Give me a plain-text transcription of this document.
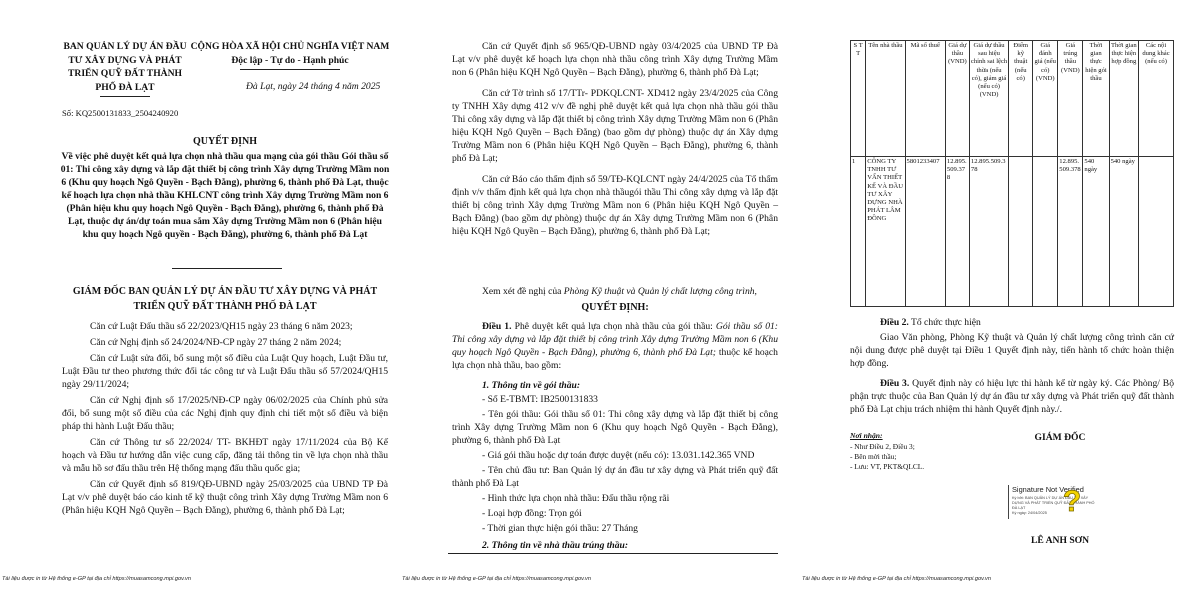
BAN QUẢN LÝ DỰ ÁN ĐẦU TƯ XÂY DỰNG VÀ PHÁT TRIỂN QUỸ ĐẤT THÀNH PHỐ ĐÀ LẠT
CỘNG HÒA XÃ HỘI CHỦ NGHĨA VIỆT NAM
Độc lập - Tự do - Hạnh phúc
Đà Lạt, ngày 24 tháng 4 năm 2025
Số: KQ2500131833_2504240920
QUYẾT ĐỊNH
Về việc phê duyệt kết quả lựa chọn nhà thầu qua mạng của gói thầu Gói thầu số 01: Thi công xây dựng và lắp đặt thiết bị công trình Xây dựng Trường Mầm non 6 (Khu quy hoạch Ngô Quyền - Bạch Đằng), phường 6, thành phố Đà Lạt, thuộc kế hoạch lựa chọn nhà thầu KHLCNT công trình Xây dựng Trường Mầm non 6 (Phân hiệu khu quy hoạch Ngô Quyền - Bạch Đằng), phường 6, thành phố Đà Lạt, thuộc dự án/dự toán mua sắm Xây dựng Trường Mầm non 6 (Phân hiệu khu quy hoạch Ngô quyền - Bạch Đằng), phường 6, thành phố Đà Lạt
GIÁM ĐỐC BAN QUẢN LÝ DỰ ÁN ĐẦU TƯ XÂY DỰNG VÀ PHÁT TRIỂN QUỸ ĐẤT THÀNH PHỐ ĐÀ LẠT
Căn cứ Luật Đấu thầu số 22/2023/QH15 ngày 23 tháng 6 năm 2023;
Căn cứ Nghị định số 24/2024/NĐ-CP ngày 27 tháng 2 năm 2024;
Căn cứ Luật sửa đổi, bổ sung một số điều của Luật Quy hoạch, Luật Đầu tư, Luật Đầu tư theo phương thức đối tác công tư và Luật Đấu thầu số 57/2024/QH15 ngày 29/11/2024;
Căn cứ Nghị định số 17/2025/NĐ-CP ngày 06/02/2025 của Chính phủ sửa đổi, bổ sung một số điều của các Nghị định quy định chi tiết một số điều và biện pháp thi hành Luật Đấu thầu;
Căn cứ Thông tư số 22/2024/ TT- BKHĐT ngày 17/11/2024 của Bộ Kế hoạch và Đầu tư hướng dẫn việc cung cấp, đăng tải thông tin về lựa chọn nhà thầu và mẫu hồ sơ đấu thầu trên Hệ thống mạng đấu thầu quốc gia;
Căn cứ Quyết định số 819/QĐ-UBND ngày 25/03/2025 của UBND TP Đà Lạt v/v phê duyệt báo cáo kinh tế kỹ thuật công trình Xây dựng Trường Mầm non 6 (Phân hiệu KQH Ngô Quyền – Bạch Đằng), phường 6, thành phố Đà Lạt;
Tài liệu được in từ Hệ thống e-GP tại địa chỉ https://muasamcong.mpi.gov.vn
Căn cứ Quyết định số 965/QĐ-UBND ngày 03/4/2025 của UBND TP Đà Lạt v/v phê duyệt kế hoạch lựa chọn nhà thầu công trình Xây dựng Trường Mầm non 6 (Phân hiệu KQH Ngô Quyền – Bạch Đằng), phường 6, thành phố Đà Lạt;
Căn cứ Tờ trình số 17/TTr- PDKQLCNT- XD412 ngày 23/4/2025 của Công ty TNHH Xây dựng 412 v/v đề nghị phê duyệt kết quả lựa chọn nhà thầu gói thầu Thi công xây dựng và lắp đặt thiết bị công trình Xây dựng Trường Mầm non 6 (Phân hiệu KQH Ngô Quyền – Bạch Đằng) (bao gồm dự phòng) thuộc dự án Xây dựng Trường Mầm non 6 (Phân hiệu KQH Ngô Quyền – Bạch Đằng), phường 6, thành phố Đà Lạt;
Căn cứ Báo cáo thẩm định số 59/TĐ-KQLCNT ngày 24/4/2025 của Tổ thẩm định v/v thẩm định kết quả lựa chọn nhà thầugói thầu Thi công xây dựng và lắp đặt thiết bị công trình Xây dựng Trường Mầm non 6 (Phân hiệu KQH Ngô Quyền – Bạch Đằng) (bao gồm dự phòng) thuộc dự án Xây dựng Trường Mầm non 6 (Phân hiệu KQH Ngô Quyền – Bạch Đằng), phường 6, thành phố Đà Lạt;
Xem xét đề nghị của Phòng Kỹ thuật và Quản lý chất lượng công trình,
QUYẾT ĐỊNH:
Điều 1. Phê duyệt kết quả lựa chọn nhà thầu của gói thầu: Gói thầu số 01: Thi công xây dựng và lắp đặt thiết bị công trình Xây dựng Trường Mầm non 6 (Khu quy hoạch Ngô Quyền - Bạch Đằng), phường 6, thành phố Đà Lạt; thuộc kế hoạch lựa chọn nhà thầu, bao gồm:
1. Thông tin về gói thầu:
- Số E-TBMT: IB2500131833
- Tên gói thầu: Gói thầu số 01: Thi công xây dựng và lắp đặt thiết bị công trình Xây dựng Trường Mầm non 6 (Khu quy hoạch Ngô Quyền - Bạch Đằng), phường 6, thành phố Đà Lạt
- Giá gói thầu hoặc dự toán được duyệt (nếu có): 13.031.142.365 VND
- Tên chủ đầu tư: Ban Quản lý dự án đầu tư xây dựng và Phát triển quỹ đất thành phố Đà Lạt
- Hình thức lựa chọn nhà thầu: Đấu thầu rộng rãi
- Loại hợp đồng: Trọn gói
- Thời gian thực hiện gói thầu: 27 Tháng
2. Thông tin về nhà thầu trúng thầu:
Tài liệu được in từ Hệ thống e-GP tại địa chỉ https://muasamcong.mpi.gov.vn
S T T	Tên nhà thầu	Mã số thuế	Giá dự thầu (VND)	Giá dự thầu sau hiệu chỉnh sai lệch thừa (nếu có), giảm giá (nếu có) (VND)	Điểm kỹ thuật (nếu có)	Giá đánh giá (nếu có) (VND)	Giá trúng thầu (VND)	Thời gian thực hiện gói thầu	Thời gian thực hiện hợp đồng	Các nội dung khác (nếu có)
1	CÔNG TY TNHH TƯ VẤN THIẾT KẾ VÀ ĐẦU TƯ XÂY DỰNG NHÀ PHÁT LÂM ĐỒNG	5801233407	12.895.509.378	12.895.509.378			12.895.509.378	540 ngày	540 ngày	
Điều 2. Tổ chức thực hiện
Giao Văn phòng, Phòng Kỹ thuật và Quản lý chất lượng công trình căn cứ nội dung được phê duyệt tại Điều 1 Quyết định này, tiến hành tổ chức hoàn thiện hợp đồng.
Điều 3. Quyết định này có hiệu lực thi hành kể từ ngày ký. Các Phòng/ Bộ phận trực thuộc của Ban Quản lý dự án đầu tư xây dựng và Phát triển quỹ đất thành phố Đà Lạt chịu trách nhiệm thi hành Quyết định này./.
Nơi nhận:
- Như Điều 2, Điều 3;
- Bên mời thầu;
- Lưu: VT, PKT&QLCL.
GIÁM ĐỐC
Signature Not Verified
Ký bởi: BAN QUẢN LÝ DỰ ÁN ĐẦU TƯ XÂY
DỰNG VÀ PHÁT TRIỂN QUỸ ĐẤT THÀNH PHỐ ĐÀ LẠT
Ký ngày: 24/04/2025 ?
LÊ ANH SƠN
Tài liệu được in từ Hệ thống e-GP tại địa chỉ https://muasamcong.mpi.gov.vn
